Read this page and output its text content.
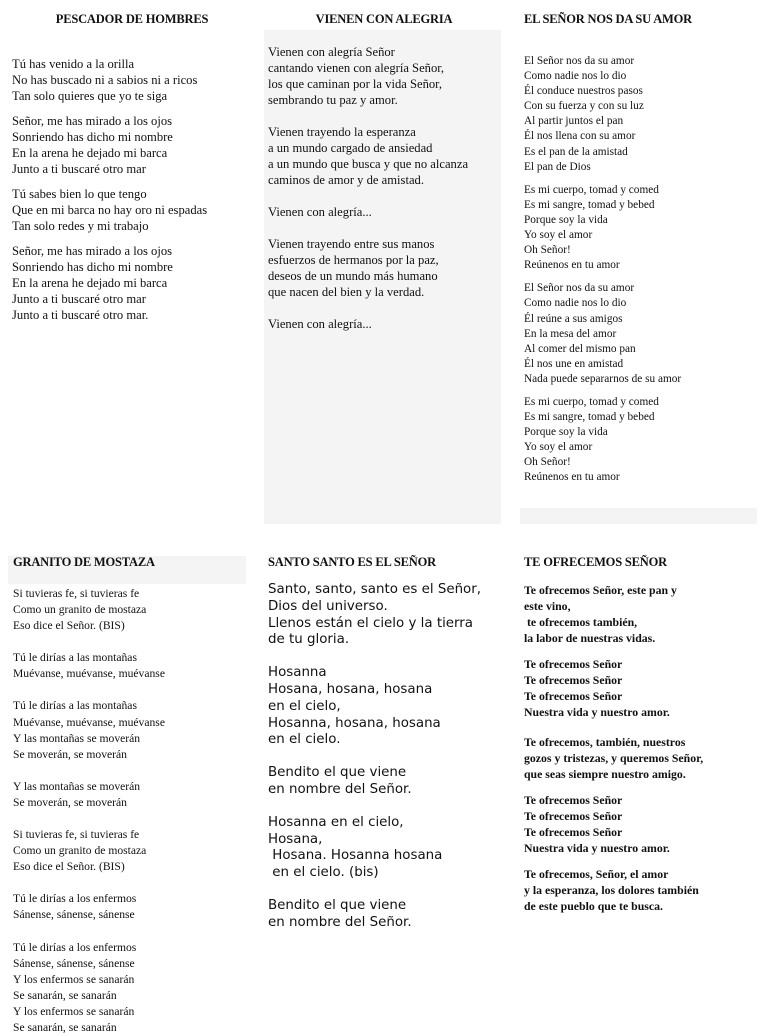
PESCADOR DE HOMBRES
Tú has venido a la orilla
No has buscado ni a sabios ni a ricos
Tan solo quieres que yo te siga
Señor, me has mirado a los ojos
Sonriendo has dicho mi nombre
En la arena he dejado mi barca
Junto a ti buscaré otro mar
Tú sabes bien lo que tengo
Que en mi barca no hay oro ni espadas
Tan solo redes y mi trabajo
Señor, me has mirado a los ojos
Sonriendo has dicho mi nombre
En la arena he dejado mi barca
Junto a ti buscaré otro mar
Junto a ti buscaré otro mar.
VIENEN CON ALEGRIA
Vienen con alegría Señor
cantando vienen con alegría Señor,
los que caminan por la vida Señor,
sembrando tu paz y amor.
Vienen trayendo la esperanza
a un mundo cargado de ansiedad
a un mundo que busca y que no alcanza
caminos de amor y de amistad.
Vienen con alegría...
Vienen trayendo entre sus manos
esfuerzos de hermanos por la paz,
deseos de un mundo más humano
que nacen del bien y la verdad.
Vienen con alegría...
EL SEÑOR NOS DA SU AMOR
El Señor nos da su amor
Como nadie nos lo dio
Él conduce nuestros pasos
Con su fuerza y con su luz
Al partir juntos el pan
Él nos llena con su amor
Es el pan de la amistad
El pan de Dios
Es mi cuerpo, tomad y comed
Es mi sangre, tomad y bebed
Porque soy la vida
Yo soy el amor
Oh Señor!
Reúnenos en tu amor
El Señor nos da su amor
Como nadie nos lo dio
Él reúne a sus amigos
En la mesa del amor
Al comer del mismo pan
Él nos une en amistad
Nada puede separarnos de su amor
Es mi cuerpo, tomad y comed
Es mi sangre, tomad y bebed
Porque soy la vida
Yo soy el amor
Oh Señor!
Reúnenos en tu amor
GRANITO DE MOSTAZA
Si tuvieras fe, si tuvieras fe
Como un granito de mostaza
Eso dice el Señor. (BIS)
Tú le dirías a las montañas
Muévanse, muévanse, muévanse
Tú le dirías a las montañas
Muévanse, muévanse, muévanse
Y las montañas se moverán
Se moverán, se moverán
Y las montañas se moverán
Se moverán, se moverán
Si tuvieras fe, si tuvieras fe
Como un granito de mostaza
Eso dice el Señor. (BIS)
Tú le dirías a los enfermos
Sánense, sánense, sánense
Tú le dirías a los enfermos
Sánense, sánense, sánense
Y los enfermos se sanarán
Se sanarán, se sanarán
Y los enfermos se sanarán
Se sanarán, se sanarán
SANTO SANTO ES EL SEÑOR
Santo, santo, santo es el Señor,
Dios del universo.
Llenos están el cielo y la tierra
de tu gloria.
Hosanna
Hosana, hosana, hosana
en el cielo,
Hosanna, hosana, hosana
en el cielo.
Bendito el que viene
en nombre del Señor.
Hosanna en el cielo,
Hosana,
Hosana. Hosanna hosana
en el cielo. (bis)
Bendito el que viene
en nombre del Señor.
TE OFRECEMOS SEÑOR
Te ofrecemos Señor, este pan y
este vino,
te ofrecemos también,
la labor de nuestras vidas.
Te ofrecemos Señor
Te ofrecemos Señor
Te ofrecemos Señor
Nuestra vida y nuestro amor.
Te ofrecemos, también, nuestros
gozos y tristezas, y queremos Señor,
que seas siempre nuestro amigo.
Te ofrecemos Señor
Te ofrecemos Señor
Te ofrecemos Señor
Nuestra vida y nuestro amor.
Te ofrecemos, Señor, el amor
y la esperanza, los dolores también
de este pueblo que te busca.
